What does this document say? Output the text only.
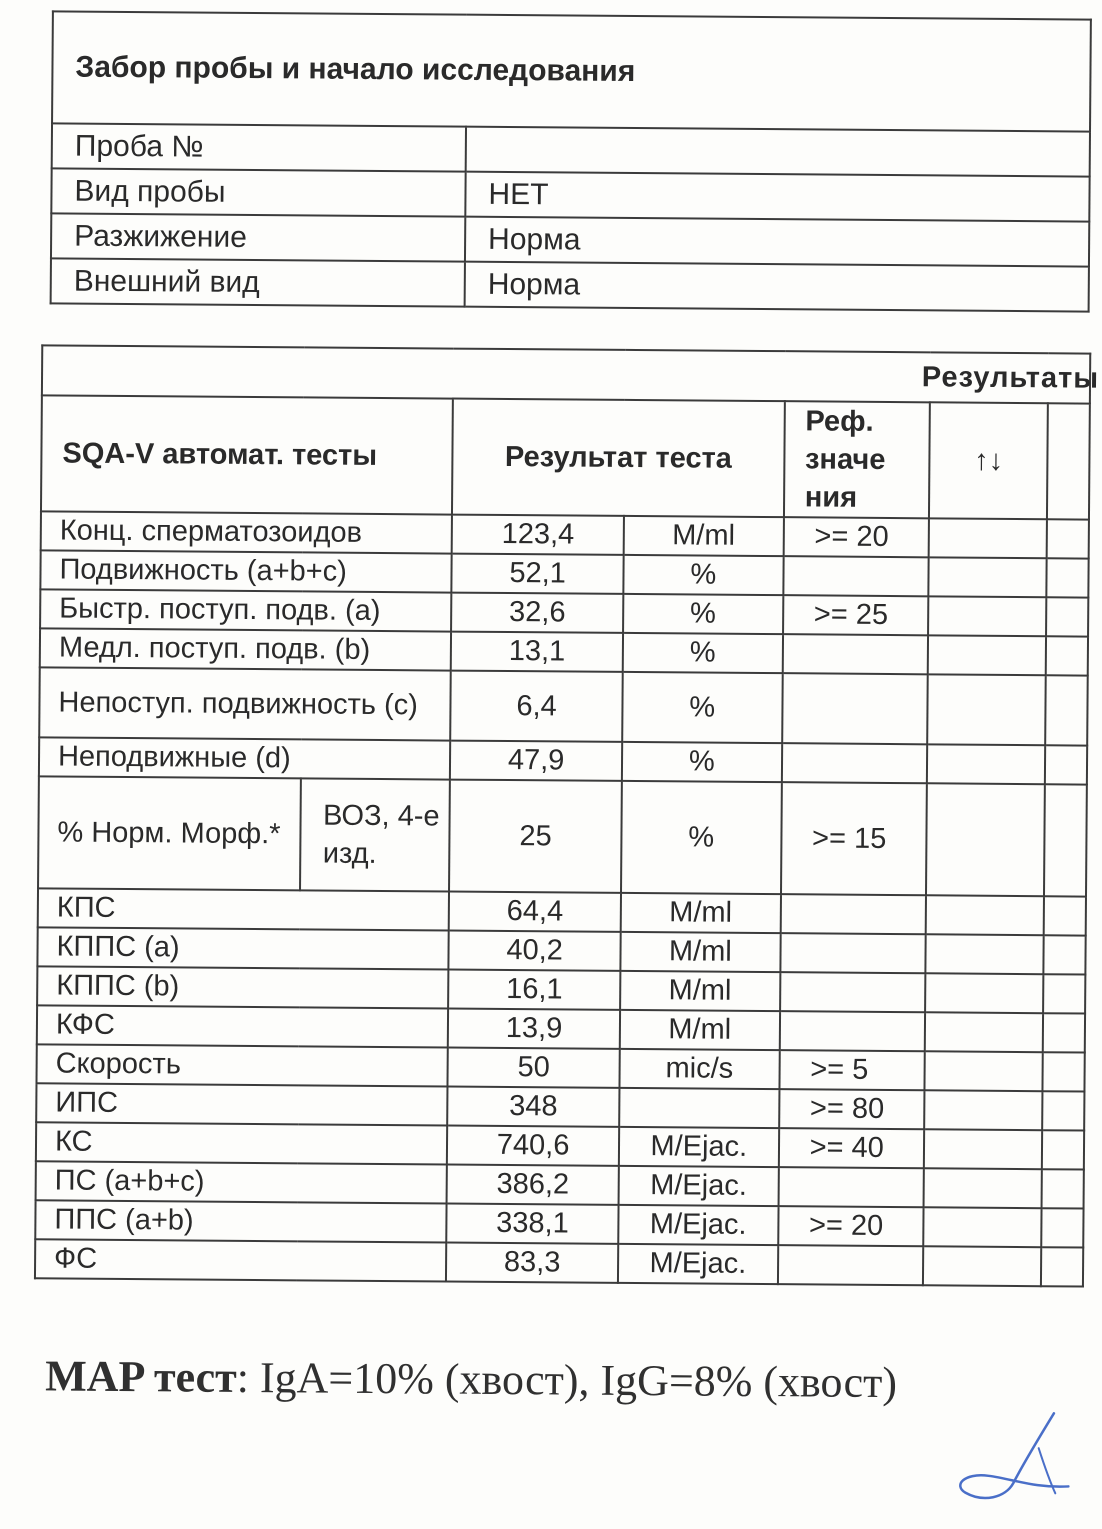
Забор пробы и начало исследования	
Проба №	
Вид пробы	НЕТ
Разжижение	Норма
Внешний вид	Норма
Результаты						
SQA-V автомат. тесты		Результат теста		Реф.
значе
ния	↑↓	
Конц. сперматозоидов		123,4	M/ml	>= 20		
Подвижность (a+b+c)		52,1	%			
Быстр. поступ. подв. (a)		32,6	%	>= 25		
Медл. поступ. подв. (b)		13,1	%			
Непоступ. подвижность (c)		6,4	%			
Неподвижные (d)		47,9	%			
% Норм. Морф.*	ВОЗ, 4-е изд.	25	%	>= 15		
КПС		64,4	M/ml			
КППС (a)		40,2	M/ml			
КППС (b)		16,1	M/ml			
КФС		13,9	M/ml			
Скорость		50	mic/s	>= 5		
ИПС		348		>= 80		
КС		740,6	M/Ejac.	>= 40		
ПС (a+b+c)		386,2	M/Ejac.			
ППС (a+b)		338,1	M/Ejac.	>= 20		
ФС		83,3	M/Ejac.			
MAP тест: IgA=10% (хвост), IgG=8% (хвост)
